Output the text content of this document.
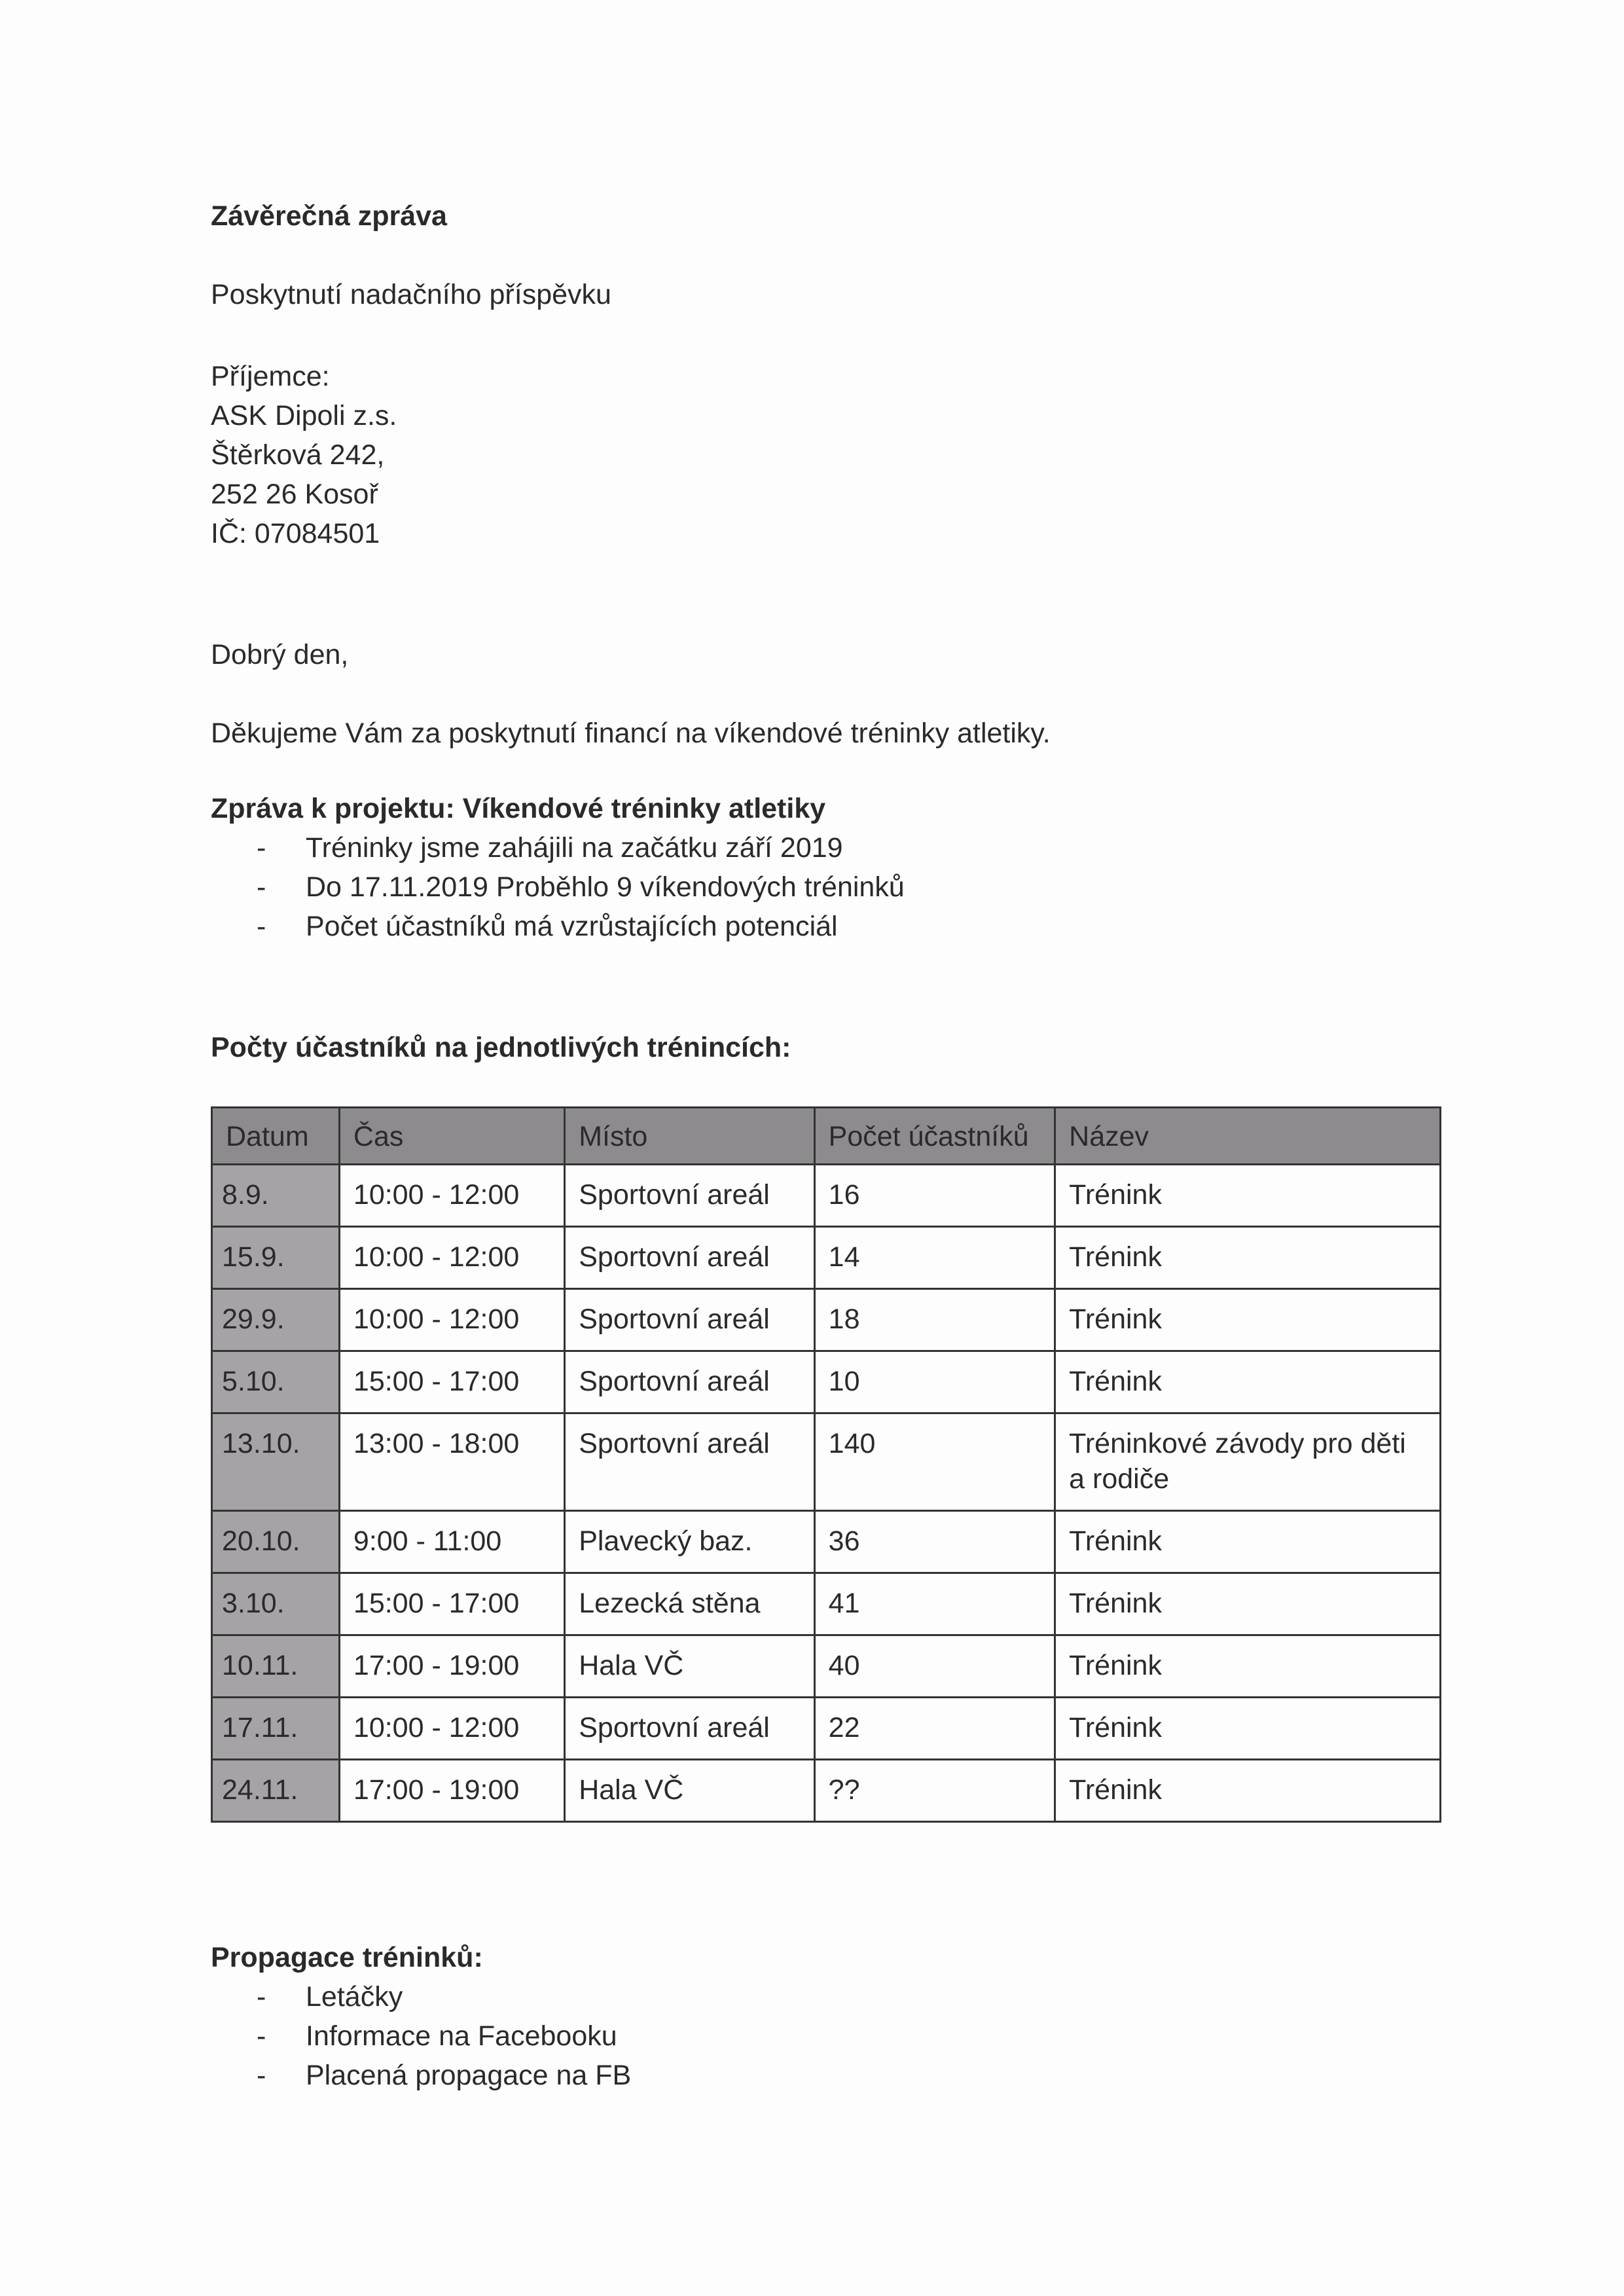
Závěrečná zpráva
Poskytnutí nadačního příspěvku
Příjemce:
ASK Dipoli z.s.
Štěrková 242,
252 26 Kosoř
IČ: 07084501
Dobrý den,
Děkujeme Vám za poskytnutí financí na víkendové tréninky atletiky.
Zpráva k projektu: Víkendové tréninky atletiky
- Tréninky jsme zahájili na začátku září 2019
- Do 17.11.2019 Proběhlo 9 víkendových tréninků
- Počet účastníků má vzrůstajících potenciál
Počty účastníků na jednotlivých trénincích:
Datum	Čas	Místo	Počet účastníků	Název
8.9.	10:00 - 12:00	Sportovní areál	16	Trénink
15.9.	10:00 - 12:00	Sportovní areál	14	Trénink
29.9.	10:00 - 12:00	Sportovní areál	18	Trénink
5.10.	15:00 - 17:00	Sportovní areál	10	Trénink
13.10.	13:00 - 18:00	Sportovní areál	140	Tréninkové závody pro děti a rodiče
20.10.	9:00 - 11:00	Plavecký baz.	36	Trénink
3.10.	15:00 - 17:00	Lezecká stěna	41	Trénink
10.11.	17:00 - 19:00	Hala VČ	40	Trénink
17.11.	10:00 - 12:00	Sportovní areál	22	Trénink
24.11.	17:00 - 19:00	Hala VČ	??	Trénink
Propagace tréninků:
- Letáčky
- Informace na Facebooku
- Placená propagace na FB
